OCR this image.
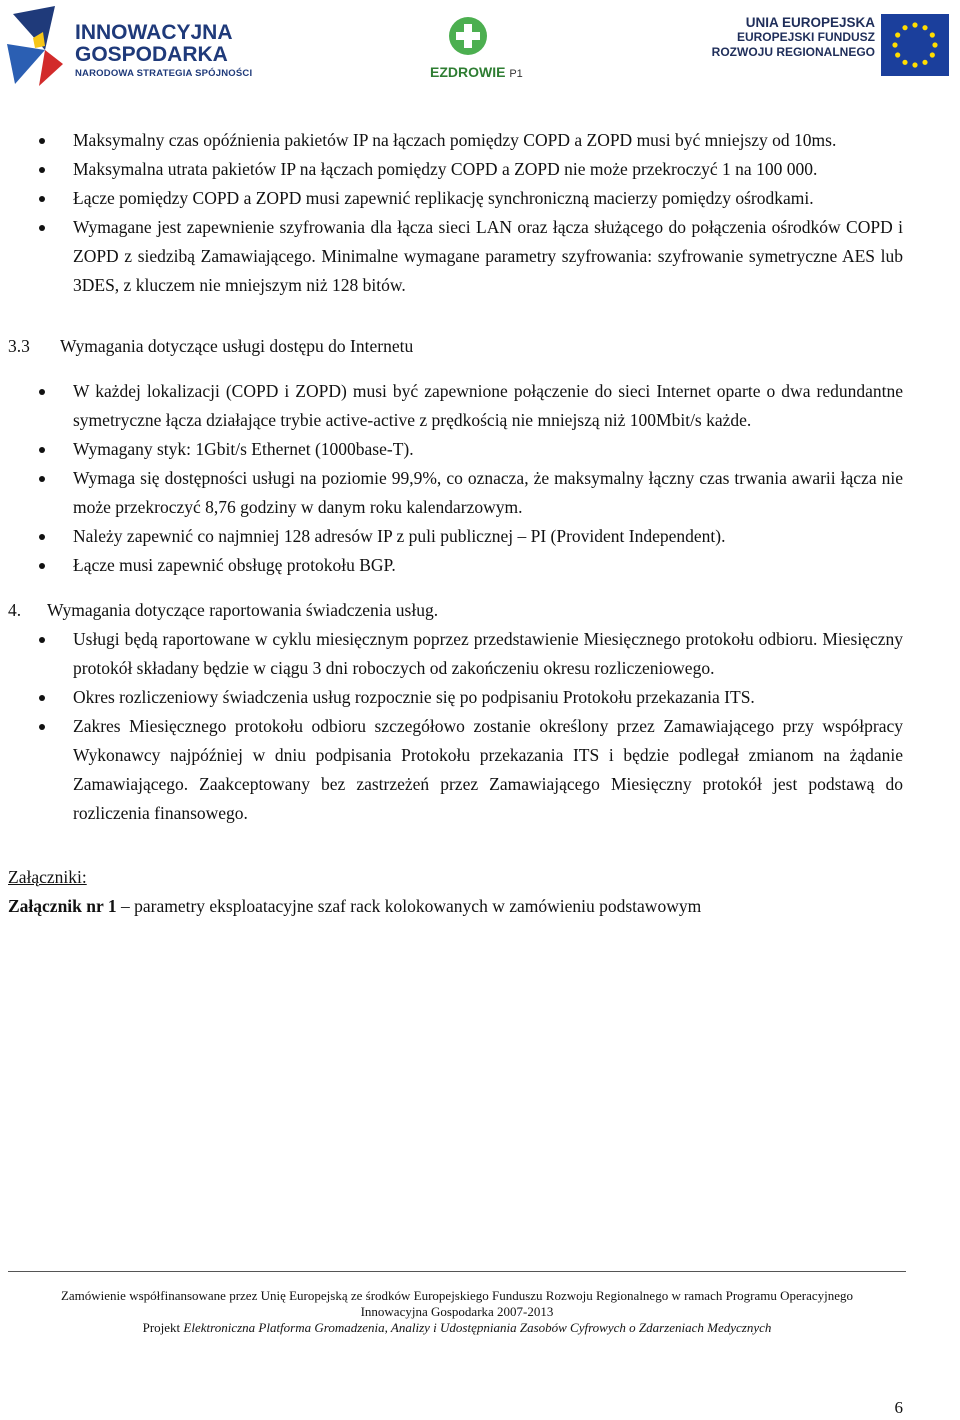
INNOWACYJNA
GOSPODARKA
NARODOWA STRATEGIA SPÓJNOŚCI	EZDROWIE P1
UNIA EUROPEJSKA
EUROPEJSKI FUNDUSZ
ROZWOJU REGIONALNEGO
Maksymalny czas opóźnienia pakietów IP na łączach pomiędzy COPD a ZOPD musi być mniejszy od 10ms.
Maksymalna utrata pakietów IP na łączach pomiędzy COPD a ZOPD nie może przekroczyć 1 na 100 000.
Łącze pomiędzy COPD a ZOPD musi zapewnić replikację synchroniczną macierzy pomiędzy ośrodkami.
Wymagane jest zapewnienie szyfrowania dla łącza sieci LAN oraz łącza służącego do połączenia ośrodków COPD i ZOPD z siedzibą Zamawiającego. Minimalne wymagane parametry szyfrowania: szyfrowanie symetryczne AES lub 3DES, z kluczem nie mniejszym niż 128 bitów.
3.3	Wymagania dotyczące usługi dostępu do Internetu
W każdej lokalizacji (COPD i ZOPD) musi być zapewnione połączenie do sieci Internet oparte o dwa redundantne symetryczne łącza działające trybie active-active z prędkością nie mniejszą niż 100Mbit/s każde.
Wymagany styk: 1Gbit/s Ethernet (1000base-T).
Wymaga się dostępności usługi na poziomie 99,9%, co oznacza, że maksymalny łączny czas trwania awarii łącza nie może przekroczyć 8,76 godziny w danym roku kalendarzowym.
Należy zapewnić co najmniej 128 adresów IP z puli publicznej – PI (Provident Independent).
Łącze musi zapewnić obsługę protokołu BGP.
4.	Wymagania dotyczące raportowania świadczenia usług.
Usługi będą raportowane w cyklu miesięcznym poprzez przedstawienie Miesięcznego protokołu odbioru. Miesięczny protokół składany będzie w ciągu 3 dni roboczych od zakończeniu okresu rozliczeniowego.
Okres rozliczeniowy świadczenia usług rozpocznie się po podpisaniu Protokołu przekazania ITS.
Zakres Miesięcznego protokołu odbioru szczegółowo zostanie określony przez Zamawiającego przy współpracy Wykonawcy najpóźniej w dniu podpisania Protokołu przekazania ITS i będzie podlegał zmianom na żądanie Zamawiającego. Zaakceptowany bez zastrzeżeń przez Zamawiającego Miesięczny protokół jest podstawą do rozliczenia finansowego.
Załączniki:
Załącznik nr 1 – parametry eksploatacyjne szaf rack kolokowanych w zamówieniu podstawowym
Zamówienie współfinansowane przez Unię Europejską ze środków Europejskiego Funduszu Rozwoju Regionalnego w ramach Programu Operacyjnego
Innowacyjna Gospodarka 2007-2013
Projekt Elektroniczna Platforma Gromadzenia, Analizy i Udostępniania Zasobów Cyfrowych o Zdarzeniach Medycznych
6
